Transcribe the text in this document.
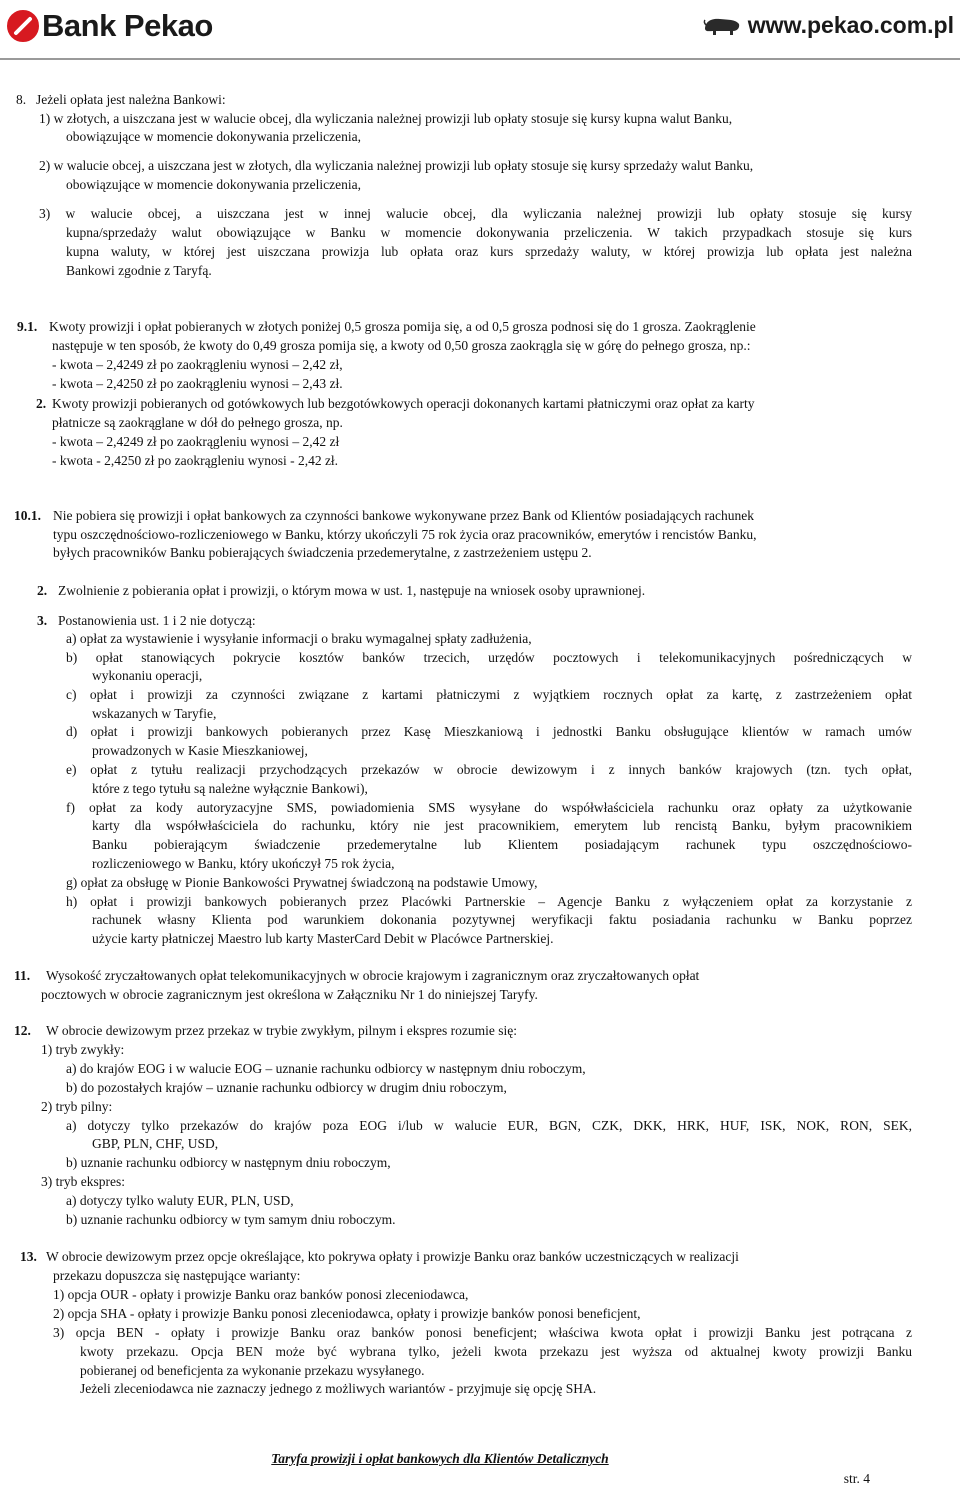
Bank Pekao	www.pekao.com.pl
8. Jeżeli opłata jest należna Bankowi:
1) w złotych, a uiszczana jest w walucie obcej, dla wyliczania należnej prowizji lub opłaty stosuje się kursy kupna walut Banku,
obowiązujące w momencie dokonywania przeliczenia,
2) w walucie obcej, a uiszczana jest w złotych, dla wyliczania należnej prowizji lub opłaty stosuje się kursy sprzedaży walut Banku,
obowiązujące w momencie dokonywania przeliczenia,
3) w walucie obcej, a uiszczana jest w innej walucie obcej, dla wyliczania należnej prowizji lub opłaty stosuje się kursy
kupna/sprzedaży walut obowiązujące w Banku w momencie dokonywania przeliczenia. W takich przypadkach stosuje się kurs
kupna waluty, w której jest uiszczana prowizja lub opłata oraz kurs sprzedaży waluty, w której prowizja lub opłata jest należna
Bankowi zgodnie z Taryfą.
9.1. Kwoty prowizji i opłat pobieranych w złotych poniżej 0,5 grosza pomija się, a od 0,5 grosza podnosi się do 1 grosza. Zaokrąglenie
następuje w ten sposób, że kwoty do 0,49 grosza pomija się, a kwoty od 0,50 grosza zaokrągla się w górę do pełnego grosza, np.:
- kwota – 2,4249 zł po zaokrągleniu wynosi – 2,42 zł,
- kwota – 2,4250 zł po zaokrągleniu wynosi – 2,43 zł.
2. Kwoty prowizji pobieranych od gotówkowych lub bezgotówkowych operacji dokonanych kartami płatniczymi oraz opłat za karty
płatnicze są zaokrąglane w dół do pełnego grosza, np.
- kwota – 2,4249 zł po zaokrągleniu wynosi – 2,42 zł
- kwota - 2,4250 zł po zaokrągleniu wynosi - 2,42 zł.
10.1. Nie pobiera się prowizji i opłat bankowych za czynności bankowe wykonywane przez Bank od Klientów posiadających rachunek
typu oszczędnościowo-rozliczeniowego w Banku, którzy ukończyli 75 rok życia oraz pracowników, emerytów i rencistów Banku,
byłych pracowników Banku pobierających świadczenia przedemerytalne, z zastrzeżeniem ustępu 2.
2. Zwolnienie z pobierania opłat i prowizji, o którym mowa w ust. 1, następuje na wniosek osoby uprawnionej.
3. Postanowienia ust. 1 i 2 nie dotyczą:
a) opłat za wystawienie i wysyłanie informacji o braku wymagalnej spłaty zadłużenia,
b) opłat stanowiących pokrycie kosztów banków trzecich, urzędów pocztowych i telekomunikacyjnych pośredniczących w
wykonaniu operacji,
c) opłat i prowizji za czynności związane z kartami płatniczymi z wyjątkiem rocznych opłat za kartę, z zastrzeżeniem opłat
wskazanych w Taryfie,
d) opłat i prowizji bankowych pobieranych przez Kasę Mieszkaniową i jednostki Banku obsługujące klientów w ramach umów
prowadzonych w Kasie Mieszkaniowej,
e) opłat z tytułu realizacji przychodzących przekazów w obrocie dewizowym i z innych banków krajowych (tzn. tych opłat,
które z tego tytułu są należne wyłącznie Bankowi),
f) opłat za kody autoryzacyjne SMS, powiadomienia SMS wysyłane do współwłaściciela rachunku oraz opłaty za użytkowanie
karty dla współwłaściciela do rachunku, który nie jest pracownikiem, emerytem lub rencistą Banku, byłym pracownikiem
Banku pobierającym świadczenie przedemerytalne lub Klientem posiadającym rachunek typu oszczędnościowo-
rozliczeniowego w Banku, który ukończył 75 rok życia,
g) opłat za obsługę w Pionie Bankowości Prywatnej świadczoną na podstawie Umowy,
h) opłat i prowizji bankowych pobieranych przez Placówki Partnerskie – Agencje Banku z wyłączeniem opłat za korzystanie z
rachunek własny Klienta pod warunkiem dokonania pozytywnej weryfikacji faktu posiadania rachunku w Banku poprzez
użycie karty płatniczej Maestro lub karty MasterCard Debit w Placówce Partnerskiej.
11. Wysokość zryczałtowanych opłat telekomunikacyjnych w obrocie krajowym i zagranicznym oraz zryczałtowanych opłat
pocztowych w obrocie zagranicznym jest określona w Załączniku Nr 1 do niniejszej Taryfy.
12. W obrocie dewizowym przez przekaz w trybie zwykłym, pilnym i ekspres rozumie się:
1) tryb zwykły:
a) do krajów EOG i w walucie EOG – uznanie rachunku odbiorcy w następnym dniu roboczym,
b) do pozostałych krajów – uznanie rachunku odbiorcy w drugim dniu roboczym,
2) tryb pilny:
a) dotyczy tylko przekazów do krajów poza EOG i/lub w walucie EUR, BGN, CZK, DKK, HRK, HUF, ISK, NOK, RON, SEK,
GBP, PLN, CHF, USD,
b) uznanie rachunku odbiorcy w następnym dniu roboczym,
3) tryb ekspres:
a) dotyczy tylko waluty EUR, PLN, USD,
b) uznanie rachunku odbiorcy w tym samym dniu roboczym.
13. W obrocie dewizowym przez opcje określające, kto pokrywa opłaty i prowizje Banku oraz banków uczestniczących w realizacji
przekazu dopuszcza się następujące warianty:
1) opcja OUR - opłaty i prowizje Banku oraz banków ponosi zleceniodawca,
2) opcja SHA - opłaty i prowizje Banku ponosi zleceniodawca, opłaty i prowizje banków ponosi beneficjent,
3) opcja BEN - opłaty i prowizje Banku oraz banków ponosi beneficjent; właściwa kwota opłat i prowizji Banku jest potrącana z
kwoty przekazu. Opcja BEN może być wybrana tylko, jeżeli kwota przekazu jest wyższa od aktualnej kwoty prowizji Banku
pobieranej od beneficjenta za wykonanie przekazu wysyłanego.
Jeżeli zleceniodawca nie zaznaczy jednego z możliwych wariantów - przyjmuje się opcję SHA.
Taryfa prowizji i opłat bankowych dla Klientów Detalicznych
str. 4
